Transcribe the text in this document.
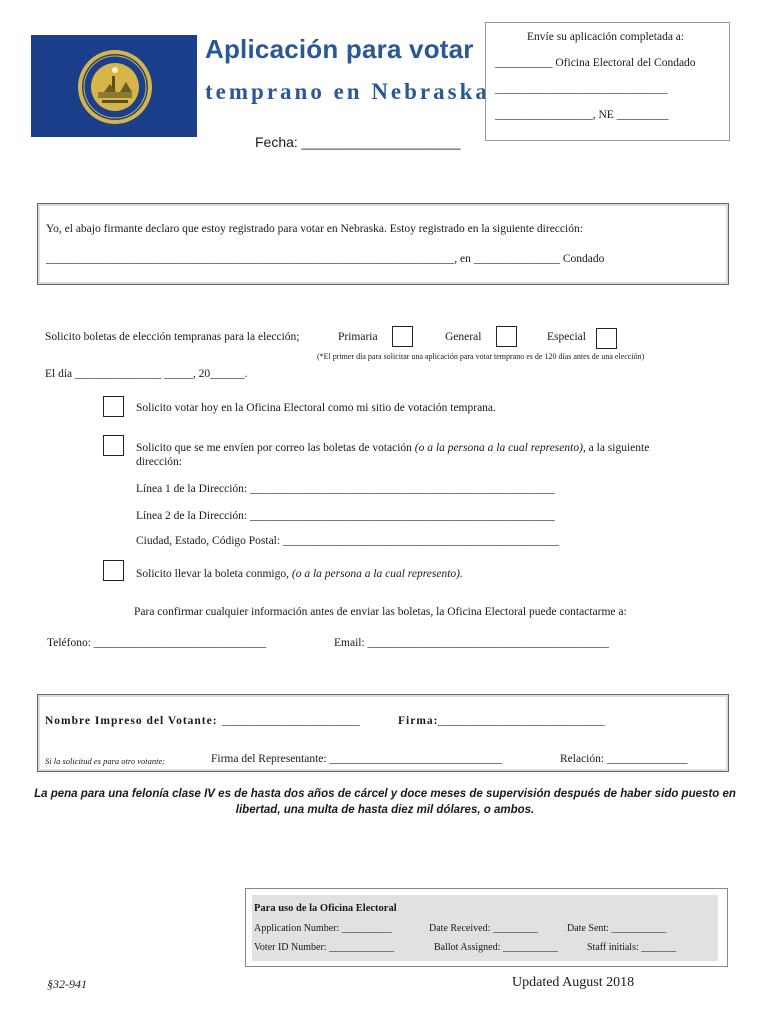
Aplicación para votar
temprano en Nebraska
Fecha: ______________________
Envíe su aplicación completada a:
__________ Oficina Electoral del Condado
______________________________
_________________, NE _________
Yo, el abajo firmante declaro que estoy registrado para votar en Nebraska. Estoy registrado en la siguiente dirección:
_______________________________________________________________________, en _______________ Condado
Solicito boletas de elección tempranas para la elección;	Primaria	General	Especial
(*El primer día para solicitar una aplicación para votar temprano es de 120 días antes de una elección)
El día _______________ _____, 20______.
Solicito votar hoy en la Oficina Electoral como mi sitio de votación temprana.
Solicito que se me envíen por correo las boletas de votación (o a la persona a la cual represento), a la siguiente
dirección:
Línea 1 de la Dirección: _____________________________________________________
Línea 2 de la Dirección: _____________________________________________________
Ciudad, Estado, Código Postal: ________________________________________________
Solicito llevar la boleta conmigo, (o a la persona a la cual represento).
Para confirmar cualquier información antes de enviar las boletas, la Oficina Electoral puede contactarme a:
Teléfono: ______________________________	Email: __________________________________________
Nombre Impreso del Votante: ________________________	Firma: _____________________________
Si la solicitud es para otro votante:	Firma del Representante: ______________________________	Relación: ______________
La pena para una felonía clase IV es de hasta dos años de cárcel y doce meses de supervisión después de haber sido puesto en
libertad, una multa de hasta diez mil dólares, o ambos.
Para uso de la Oficina Electoral
Application Number: __________	Date Received: _________	Date Sent: ___________
Voter ID Number: _____________	Ballot Assigned: ___________	Staff initials: _______
§32-941	Updated August 2018
